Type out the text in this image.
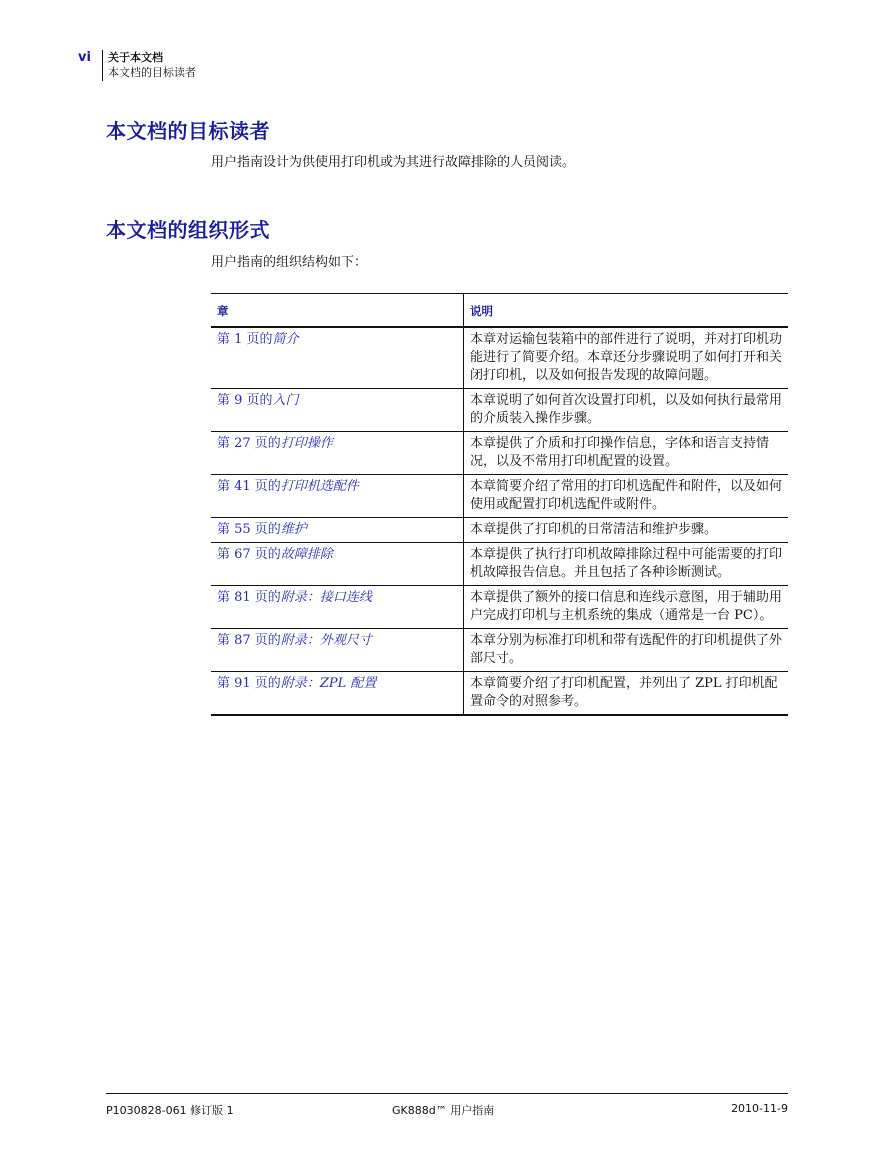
vi 关于本文档
本文档的目标读者
本文档的目标读者
用户指南设计为供使用打印机或为其进行故障排除的人员阅读。
本文档的组织形式
用户指南的组织结构如下：
章	说明
第 1 页的简介	本章对运输包装箱中的部件进行了说明，并对打印机功能进行了简要介绍。本章还分步骤说明了如何打开和关闭打印机，以及如何报告发现的故障问题。
第 9 页的入门	本章说明了如何首次设置打印机，以及如何执行最常用的介质装入操作步骤。
第 27 页的打印操作	本章提供了介质和打印操作信息，字体和语言支持情况，以及不常用打印机配置的设置。
第 41 页的打印机选配件	本章简要介绍了常用的打印机选配件和附件，以及如何使用或配置打印机选配件或附件。
第 55 页的维护	本章提供了打印机的日常清洁和维护步骤。
第 67 页的故障排除	本章提供了执行打印机故障排除过程中可能需要的打印机故障报告信息。并且包括了各种诊断测试。
第 81 页的附录：接口连线	本章提供了额外的接口信息和连线示意图，用于辅助用户完成打印机与主机系统的集成（通常是一台 PC）。
第 87 页的附录：外观尺寸	本章分别为标准打印机和带有选配件的打印机提供了外部尺寸。
第 91 页的附录：ZPL 配置	本章简要介绍了打印机配置，并列出了 ZPL 打印机配置命令的对照参考。
P1030828-061 修订版 1	GK888d™ 用户指南	2010-11-9
